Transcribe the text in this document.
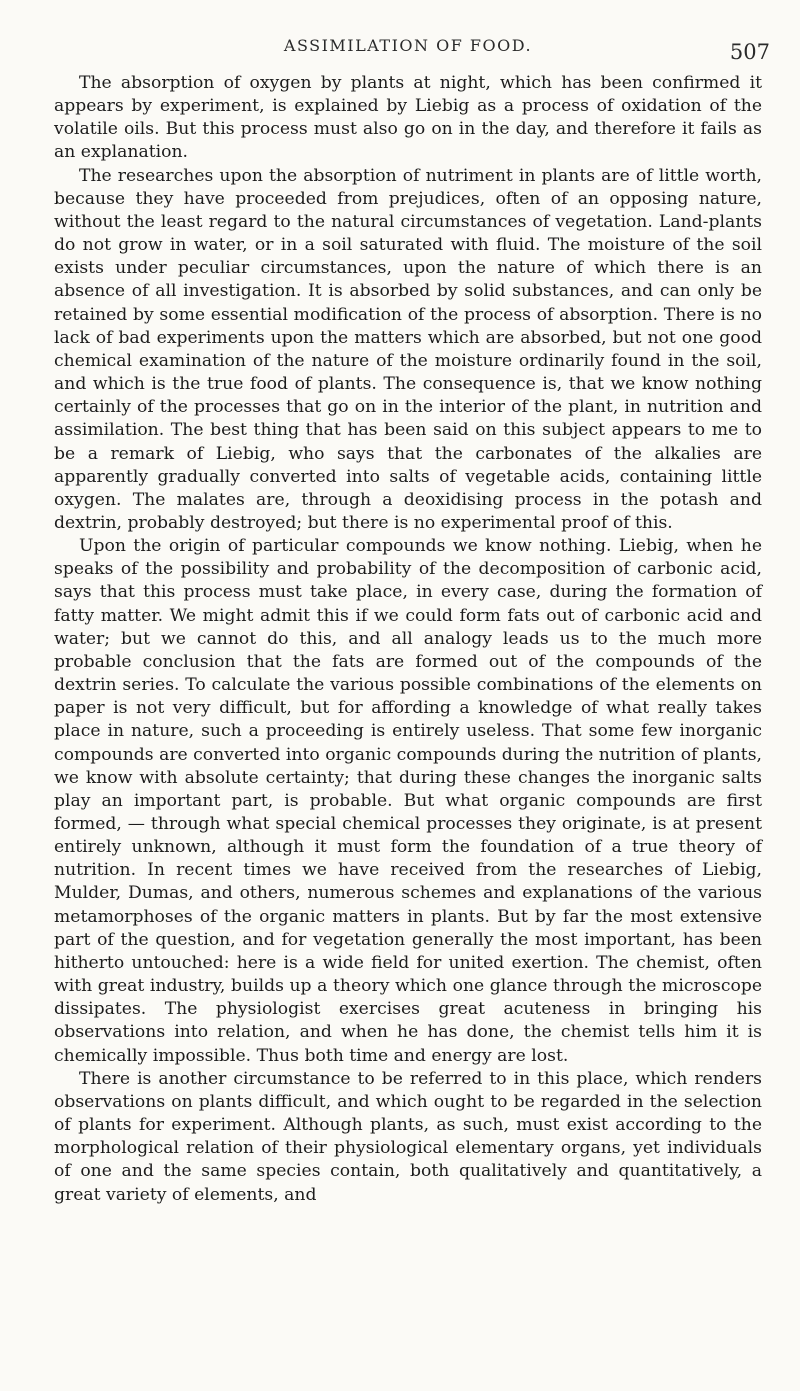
ASSIMILATION OF FOOD.	507

The absorption of oxygen by plants at night, which has been confirmed it appears by experiment, is explained by Liebig as a process of oxidation of the volatile oils. But this process must also go on in the day, and therefore it fails as an explanation.

The researches upon the absorption of nutriment in plants are of little worth, because they have proceeded from prejudices, often of an opposing nature, without the least regard to the natural circumstances of vegetation. Land-plants do not grow in water, or in a soil saturated with fluid. The moisture of the soil exists under peculiar circumstances, upon the nature of which there is an absence of all investigation. It is absorbed by solid substances, and can only be retained by some essential modification of the process of absorption. There is no lack of bad experiments upon the matters which are absorbed, but not one good chemical examination of the nature of the moisture ordinarily found in the soil, and which is the true food of plants. The consequence is, that we know nothing certainly of the processes that go on in the interior of the plant, in nutrition and assimilation. The best thing that has been said on this subject appears to me to be a remark of Liebig, who says that the carbonates of the alkalies are apparently gradually converted into salts of vegetable acids, containing little oxygen. The malates are, through a deoxidising process in the potash and dextrin, probably destroyed; but there is no experimental proof of this.

Upon the origin of particular compounds we know nothing. Liebig, when he speaks of the possibility and probability of the decomposition of carbonic acid, says that this process must take place, in every case, during the formation of fatty matter. We might admit this if we could form fats out of carbonic acid and water; but we cannot do this, and all analogy leads us to the much more probable conclusion that the fats are formed out of the compounds of the dextrin series. To calculate the various possible combinations of the elements on paper is not very difficult, but for affording a knowledge of what really takes place in nature, such a proceeding is entirely useless. That some few inorganic compounds are converted into organic compounds during the nutrition of plants, we know with absolute certainty; that during these changes the inorganic salts play an important part, is probable. But what organic compounds are first formed, — through what special chemical processes they originate, is at present entirely unknown, although it must form the foundation of a true theory of nutrition. In recent times we have received from the researches of Liebig, Mulder, Dumas, and others, numerous schemes and explanations of the various metamorphoses of the organic matters in plants. But by far the most extensive part of the question, and for vegetation generally the most important, has been hitherto untouched: here is a wide field for united exertion. The chemist, often with great industry, builds up a theory which one glance through the microscope dissipates. The physiologist exercises great acuteness in bringing his observations into relation, and when he has done, the chemist tells him it is chemically impossible. Thus both time and energy are lost.

There is another circumstance to be referred to in this place, which renders observations on plants difficult, and which ought to be regarded in the selection of plants for experiment. Although plants, as such, must exist according to the morphological relation of their physiological elementary organs, yet individuals of one and the same species contain, both qualitatively and quantitatively, a great variety of elements, and
